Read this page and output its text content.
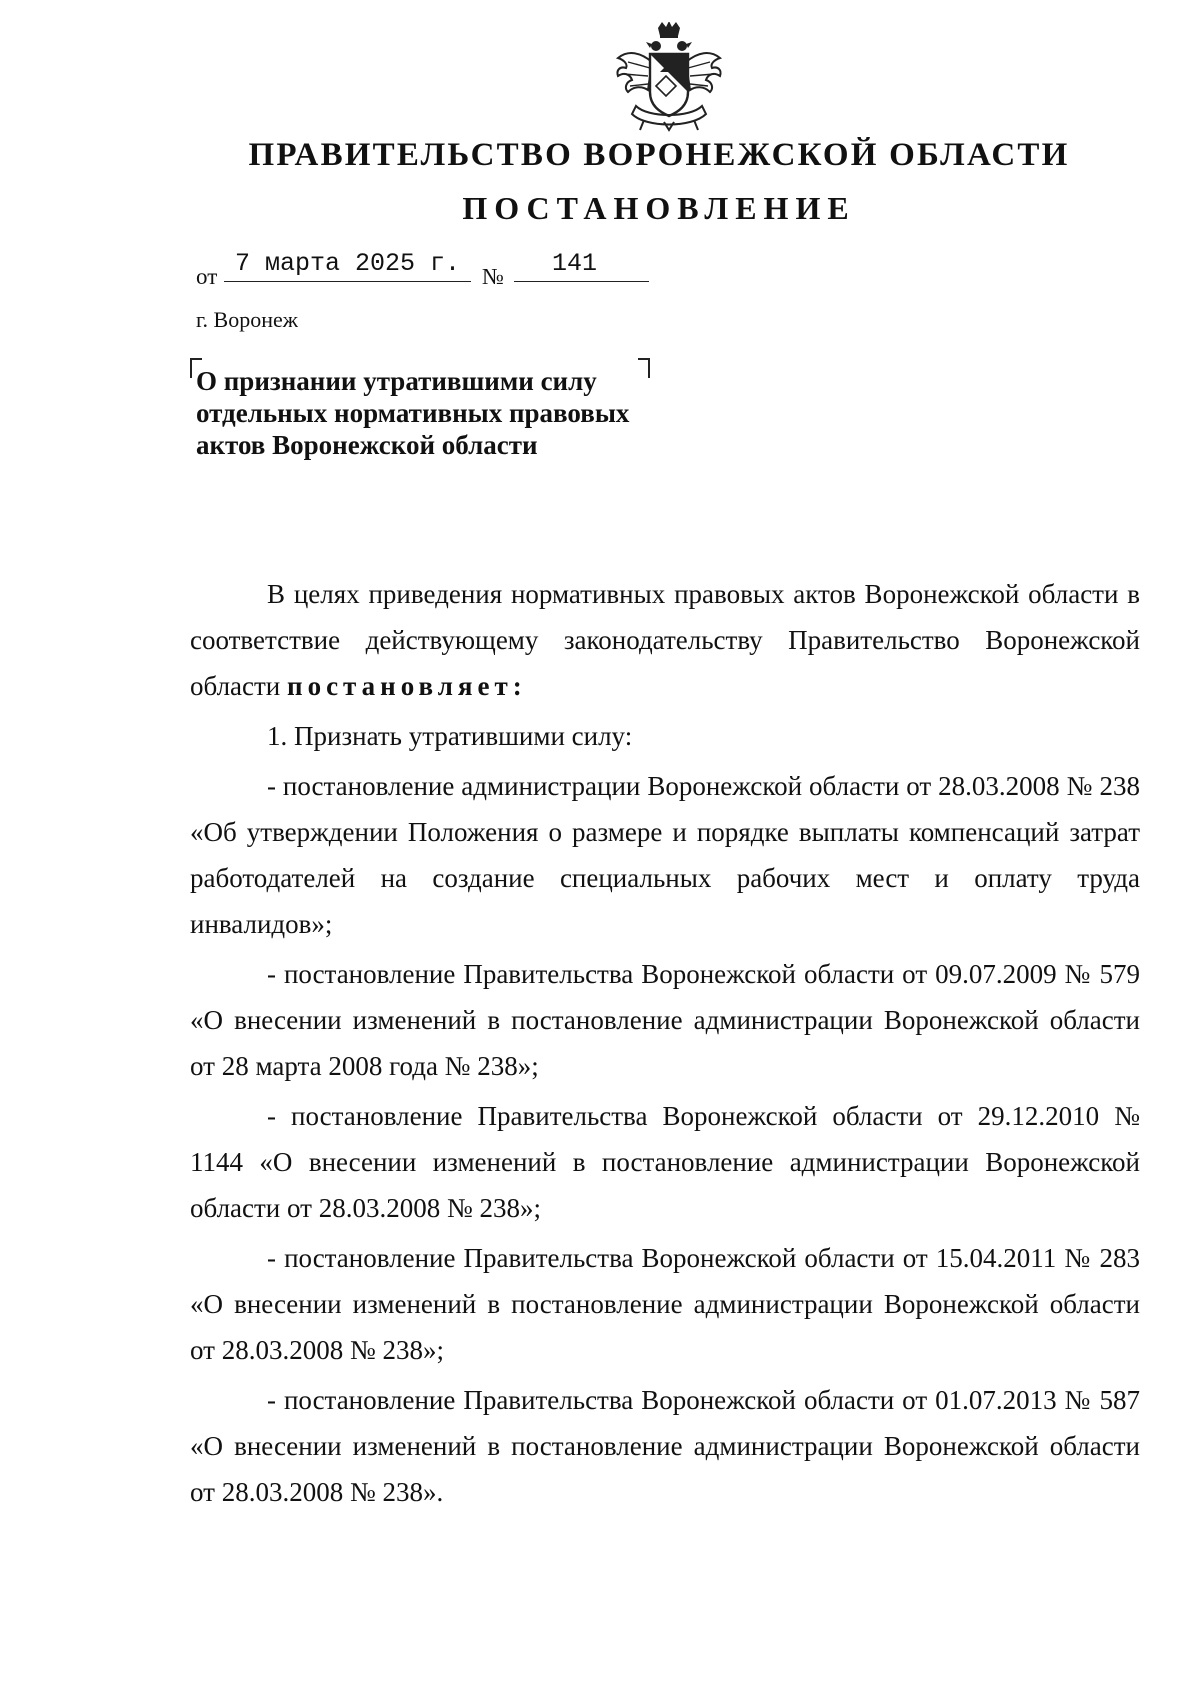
ПРАВИТЕЛЬСТВО ВОРОНЕЖСКОЙ ОБЛАСТИ
ПОСТАНОВЛЕНИЕ
от 7 марта 2025 г. №	141
г. Воронеж
О признании утратившими силу
отдельных нормативных правовых
актов Воронежской области

В целях приведения нормативных правовых актов Воронежской области в соответствие действующему законодательству Правительство Воронежской области постановляет:

1. Признать утратившими силу:

- постановление администрации Воронежской области от 28.03.2008 № 238 «Об утверждении Положения о размере и порядке выплаты компенсаций затрат работодателей на создание специальных рабочих мест и оплату труда инвалидов»;

- постановление Правительства Воронежской области от 09.07.2009 № 579 «О внесении изменений в постановление администрации Воронежской области от 28 марта 2008 года № 238»;

- постановление Правительства Воронежской области от 29.12.2010 № 1144 «О внесении изменений в постановление администрации Воронежской области от 28.03.2008 № 238»;

- постановление Правительства Воронежской области от 15.04.2011 № 283 «О внесении изменений в постановление администрации Воронежской области от 28.03.2008 № 238»;

- постановление Правительства Воронежской области от 01.07.2013 № 587 «О внесении изменений в постановление администрации Воронежской области от 28.03.2008 № 238».
